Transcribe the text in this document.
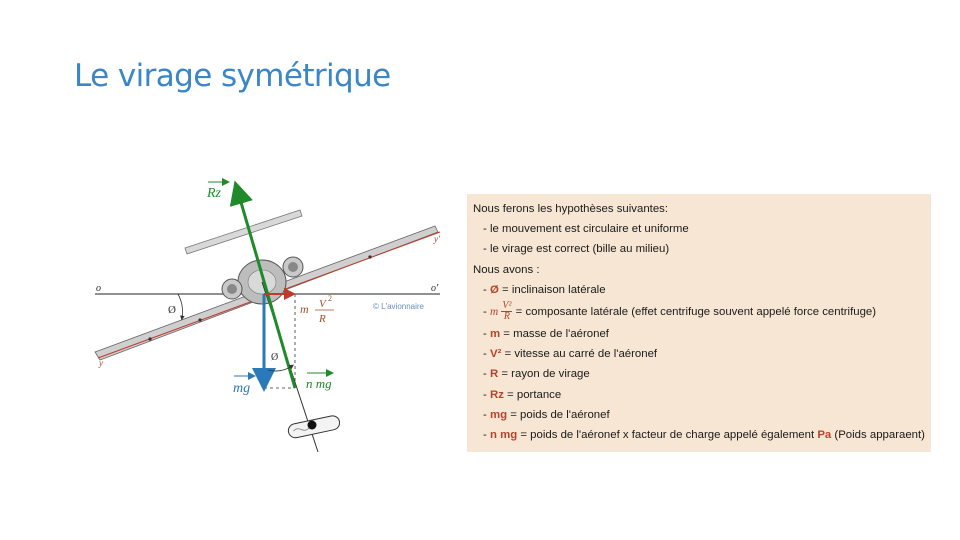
Le virage symétrique
Rz
o	o'
y
y'
Ø
Ø
m V 2
R
© L'avionnaire
mg	n mg
Nous ferons les hypothèses suivantes:
- le mouvement est circulaire et uniforme
- le virage est correct (bille au milieu)
Nous avons :
- Ø = inclinaison latérale
- m $\frac{\text{V²}}{R}$ = composante latérale (effet centrifuge souvent appelé force centrifuge)
- m = masse de l'aéronef
- V² = vitesse au carré de l'aéronef
- R = rayon de virage
- Rz = portance
- mg = poids de l'aéronef
- n mg = poids de l'aéronef x facteur de charge appelé également Pa (Poids apparaent)
